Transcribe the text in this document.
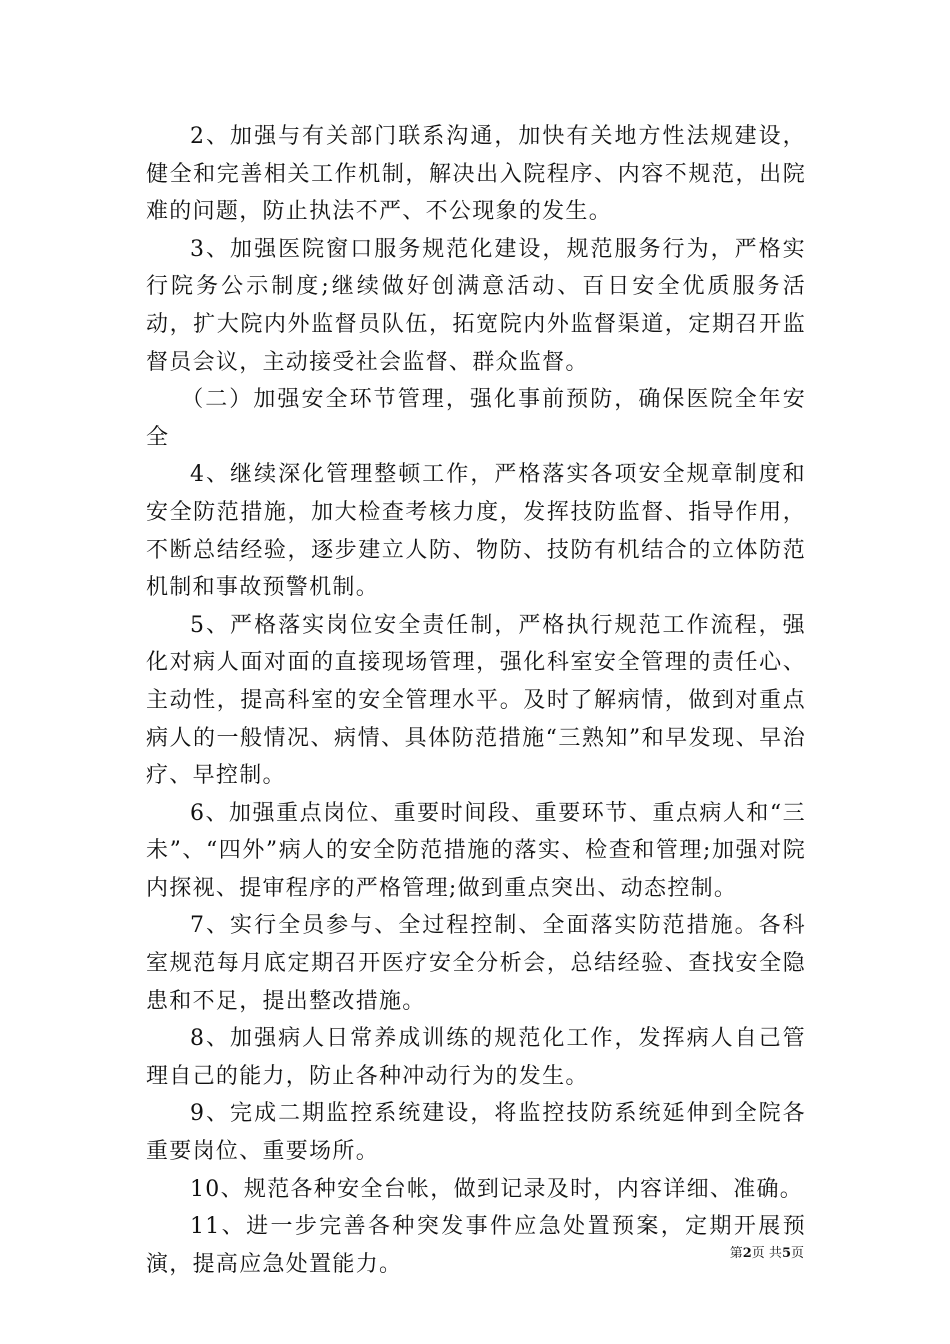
2、加强与有关部门联系沟通，加快有关地方性法规建设，健全和完善相关工作机制，解决出入院程序、内容不规范，出院难的问题，防止执法不严、不公现象的发生。

3、加强医院窗口服务规范化建设，规范服务行为，严格实行院务公示制度;继续做好创满意活动、百日安全优质服务活动，扩大院内外监督员队伍，拓宽院内外监督渠道，定期召开监督员会议，主动接受社会监督、群众监督。

（二）加强安全环节管理，强化事前预防，确保医院全年安全

4、继续深化管理整顿工作，严格落实各项安全规章制度和安全防范措施，加大检查考核力度，发挥技防监督、指导作用，不断总结经验，逐步建立人防、物防、技防有机结合的立体防范机制和事故预警机制。

5、严格落实岗位安全责任制，严格执行规范工作流程，强化对病人面对面的直接现场管理，强化科室安全管理的责任心、主动性，提高科室的安全管理水平。及时了解病情，做到对重点病人的一般情况、病情、具体防范措施“三熟知”和早发现、早治疗、早控制。

6、加强重点岗位、重要时间段、重要环节、重点病人和“三未”、“四外”病人的安全防范措施的落实、检查和管理;加强对院内探视、提审程序的严格管理;做到重点突出、动态控制。

7、实行全员参与、全过程控制、全面落实防范措施。各科室规范每月底定期召开医疗安全分析会，总结经验、查找安全隐患和不足，提出整改措施。

8、加强病人日常养成训练的规范化工作，发挥病人自己管理自己的能力，防止各种冲动行为的发生。

9、完成二期监控系统建设，将监控技防系统延伸到全院各重要岗位、重要场所。

10、规范各种安全台帐，做到记录及时，内容详细、准确。

11、进一步完善各种突发事件应急处置预案，定期开展预演，提高应急处置能力。	第2页 共5页
